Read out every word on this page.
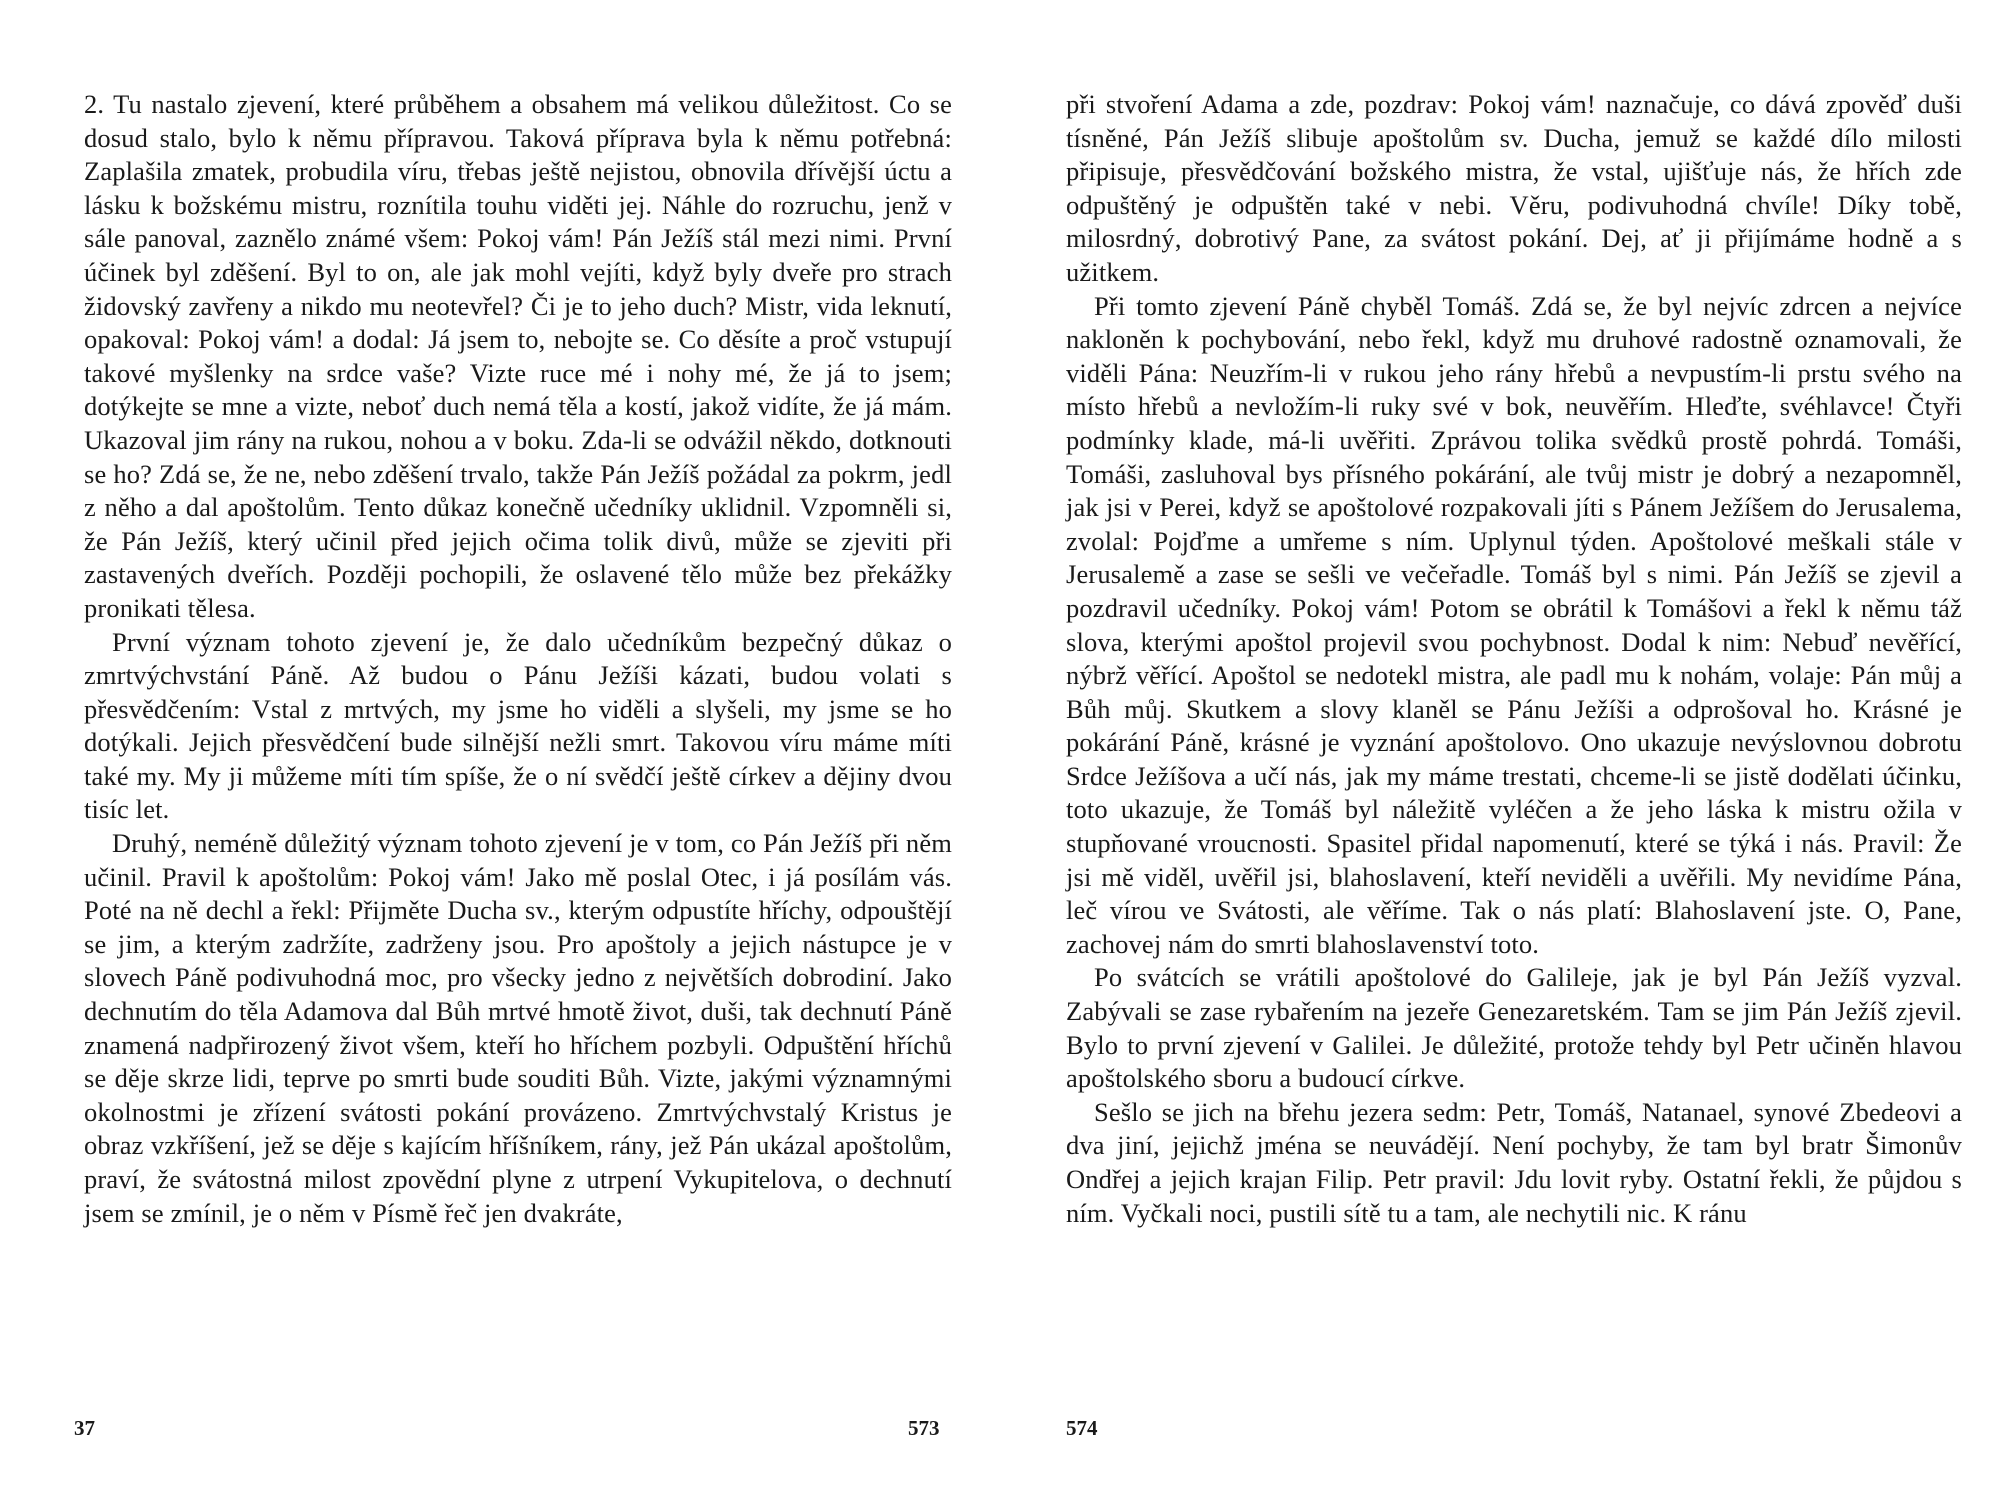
2. Tu nastalo zjevení, které průběhem a obsahem má velikou důležitost. Co se dosud stalo, bylo k němu přípravou. Taková příprava byla k němu potřebná: Zaplašila zmatek, probudila víru, třebas ještě nejistou, obnovila dřívější úctu a lásku k božskému mistru, roznítila touhu viděti jej. Náhle do rozruchu, jenž v sále panoval, zaznělo známé všem: Pokoj vám! Pán Ježíš stál mezi nimi. První účinek byl zděšení. Byl to on, ale jak mohl vejíti, když byly dveře pro strach židovský zavřeny a nikdo mu neotevřel? Či je to jeho duch? Mistr, vida leknutí, opakoval: Pokoj vám! a dodal: Já jsem to, nebojte se. Co děsíte a proč vstupují takové myšlenky na srdce vaše? Vizte ruce mé i nohy mé, že já to jsem; dotýkejte se mne a vizte, neboť duch nemá těla a kostí, jakož vidíte, že já mám. Ukazoval jim rány na rukou, nohou a v boku. Zda-li se odvážil někdo, dotknouti se ho? Zdá se, že ne, nebo zděšení trvalo, takže Pán Ježíš požádal za pokrm, jedl z něho a dal apoštolům. Tento důkaz konečně učedníky uklidnil. Vzpomněli si, že Pán Ježíš, který učinil před jejich očima tolik divů, může se zjeviti při zastavených dveřích. Později pochopili, že oslavené tělo může bez překážky pronikati tělesa.

První význam tohoto zjevení je, že dalo učedníkům bezpečný důkaz o zmrtvýchvstání Páně. Až budou o Pánu Ježíši kázati, budou volati s přesvědčením: Vstal z mrtvých, my jsme ho viděli a slyšeli, my jsme se ho dotýkali. Jejich přesvědčení bude silnější nežli smrt. Takovou víru máme míti také my. My ji můžeme míti tím spíše, že o ní svědčí ještě církev a dějiny dvou tisíc let.

Druhý, neméně důležitý význam tohoto zjevení je v tom, co Pán Ježíš při něm učinil. Pravil k apoštolům: Pokoj vám! Jako mě poslal Otec, i já posílám vás. Poté na ně dechl a řekl: Přijměte Ducha sv., kterým odpustíte hříchy, odpouštějí se jim, a kterým zadržíte, zadrženy jsou. Pro apoštoly a jejich nástupce je v slovech Páně podivuhodná moc, pro všecky jedno z největších dobrodiní. Jako dechnutím do těla Adamova dal Bůh mrtvé hmotě život, duši, tak dechnutí Páně znamená nadpřirozený život všem, kteří ho hříchem pozbyli. Odpuštění hříchů se děje skrze lidi, teprve po smrti bude souditi Bůh. Vizte, jakými významnými okolnostmi je zřízení svátosti pokání provázeno. Zmrtvýchvstalý Kristus je obraz vzkříšení, jež se děje s kajícím hříšníkem, rány, jež Pán ukázal apoštolům, praví, že svátostná milost zpovědní plyne z utrpení Vykupitelova, o dechnutí jsem se zmínil, je o něm v Písmě řeč jen dvakráte,

37	573

při stvoření Adama a zde, pozdrav: Pokoj vám! naznačuje, co dává zpověď duši tísněné, Pán Ježíš slibuje apoštolům sv. Ducha, jemuž se každé dílo milosti připisuje, přesvědčování božského mistra, že vstal, ujišťuje nás, že hřích zde odpuštěný je odpuštěn také v nebi. Věru, podivuhodná chvíle! Díky tobě, milosrdný, dobrotivý Pane, za svátost pokání. Dej, ať ji přijímáme hodně a s užitkem.

Při tomto zjevení Páně chyběl Tomáš. Zdá se, že byl nejvíc zdrcen a nejvíce nakloněn k pochybování, nebo řekl, když mu druhové radostně oznamovali, že viděli Pána: Neuzřím-li v rukou jeho rány hřebů a nevpustím-li prstu svého na místo hřebů a nevložím-li ruky své v bok, neuvěřím. Hleďte, svéhlavce! Čtyři podmínky klade, má-li uvěřiti. Zprávou tolika svědků prostě pohrdá. Tomáši, Tomáši, zasluhoval bys přísného pokárání, ale tvůj mistr je dobrý a nezapomněl, jak jsi v Perei, když se apoštolové rozpakovali jíti s Pánem Ježíšem do Jerusalema, zvolal: Pojďme a umřeme s ním. Uplynul týden. Apoštolové meškali stále v Jerusalemě a zase se sešli ve večeřadle. Tomáš byl s nimi. Pán Ježíš se zjevil a pozdravil učedníky. Pokoj vám! Potom se obrátil k Tomášovi a řekl k němu táž slova, kterými apoštol projevil svou pochybnost. Dodal k nim: Nebuď nevěřící, nýbrž věřící. Apoštol se nedotekl mistra, ale padl mu k nohám, volaje: Pán můj a Bůh můj. Skutkem a slovy klaněl se Pánu Ježíši a odprošoval ho. Krásné je pokárání Páně, krásné je vyznání apoštolovo. Ono ukazuje nevýslovnou dobrotu Srdce Ježíšova a učí nás, jak my máme trestati, chceme-li se jistě dodělati účinku, toto ukazuje, že Tomáš byl náležitě vyléčen a že jeho láska k mistru ožila v stupňované vroucnosti. Spasitel přidal napomenutí, které se týká i nás. Pravil: Že jsi mě viděl, uvěřil jsi, blahoslavení, kteří neviděli a uvěřili. My nevidíme Pána, leč vírou ve Svátosti, ale věříme. Tak o nás platí: Blahoslavení jste. O, Pane, zachovej nám do smrti blahoslavenství toto.

Po svátcích se vrátili apoštolové do Galileje, jak je byl Pán Ježíš vyzval. Zabývali se zase rybařením na jezeře Genezaretském. Tam se jim Pán Ježíš zjevil. Bylo to první zjevení v Galilei. Je důležité, protože tehdy byl Petr učiněn hlavou apoštolského sboru a budoucí církve.

Sešlo se jich na břehu jezera sedm: Petr, Tomáš, Natanael, synové Zbedeovi a dva jiní, jejichž jména se neuvádějí. Není pochyby, že tam byl bratr Šimonův Ondřej a jejich krajan Filip. Petr pravil: Jdu lovit ryby. Ostatní řekli, že půjdou s ním. Vyčkali noci, pustili sítě tu a tam, ale nechytili nic. K ránu

574
